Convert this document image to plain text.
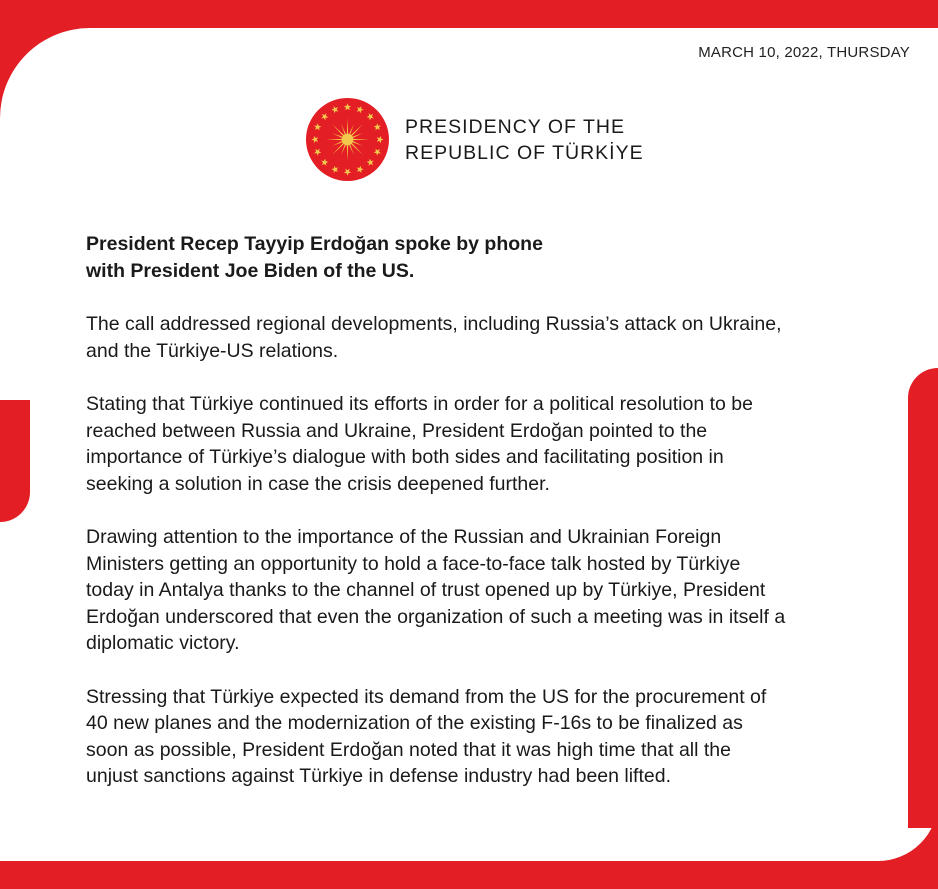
MARCH 10, 2022, THURSDAY
PRESIDENCY OF THE
REPUBLIC OF TÜRKİYE
President Recep Tayyip Erdoğan spoke by phone
with President Joe Biden of the US.

The call addressed regional developments, including Russia’s attack on Ukraine, and the Türkiye-US relations.

Stating that Türkiye continued its efforts in order for a political resolution to be reached between Russia and Ukraine, President Erdoğan pointed to the importance of Türkiye’s dialogue with both sides and facilitating position in seeking a solution in case the crisis deepened further.

Drawing attention to the importance of the Russian and Ukrainian Foreign Ministers getting an opportunity to hold a face-to-face talk hosted by Türkiye today in Antalya thanks to the channel of trust opened up by Türkiye, President Erdoğan underscored that even the organization of such a meeting was in itself a diplomatic victory.

Stressing that Türkiye expected its demand from the US for the procurement of 40 new planes and the modernization of the existing F-16s to be finalized as soon as possible, President Erdoğan noted that it was high time that all the unjust sanctions against Türkiye in defense industry had been lifted.
